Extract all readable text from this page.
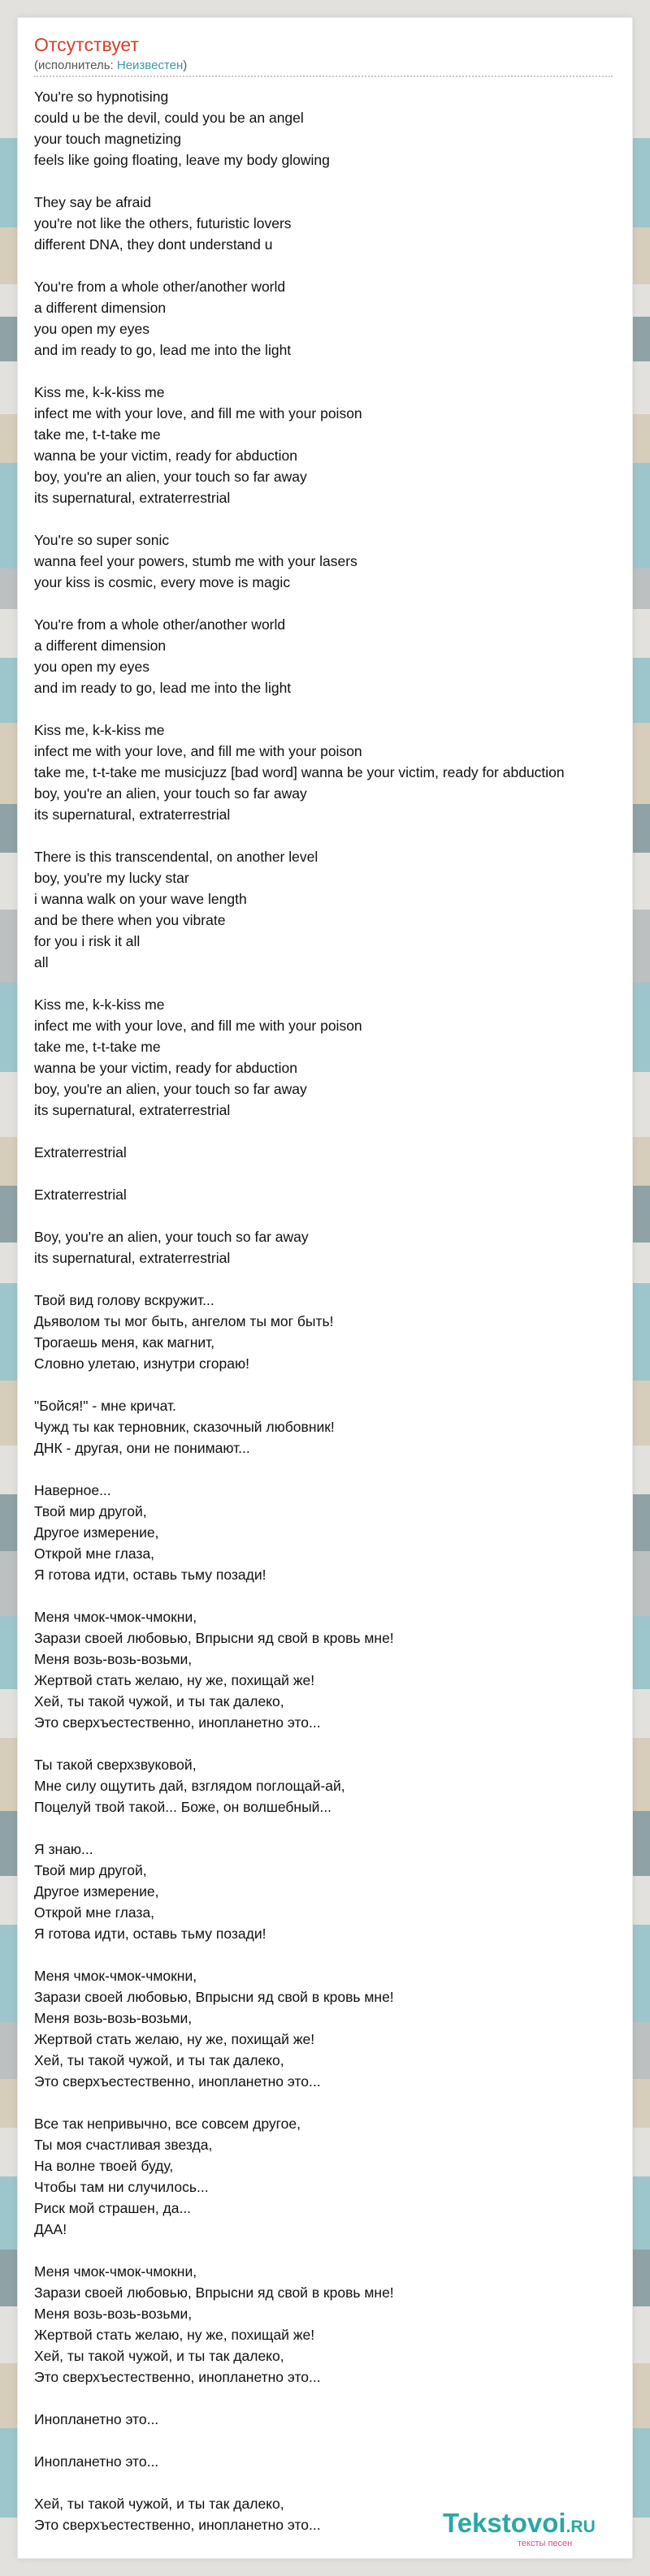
Отсутствует
(исполнитель: Неизвестен)
You're so hypnotising
could u be the devil, could you be an angel
your touch magnetizing
feels like going floating, leave my body glowing
They say be afraid
you're not like the others, futuristic lovers
different DNA, they dont understand u
You're from a whole other/another world
a different dimension
you open my eyes
and im ready to go, lead me into the light
Kiss me, k-k-kiss me
infect me with your love, and fill me with your poison
take me, t-t-take me
wanna be your victim, ready for abduction
boy, you're an alien, your touch so far away
its supernatural, extraterrestrial
You're so super sonic
wanna feel your powers, stumb me with your lasers
your kiss is cosmic, every move is magic
You're from a whole other/another world
a different dimension
you open my eyes
and im ready to go, lead me into the light
Kiss me, k-k-kiss me
infect me with your love, and fill me with your poison
take me, t-t-take me musicjuzz [bad word] wanna be your victim, ready for abduction
boy, you're an alien, your touch so far away
its supernatural, extraterrestrial
There is this transcendental, on another level
boy, you're my lucky star
i wanna walk on your wave length
and be there when you vibrate
for you i risk it all
all
Kiss me, k-k-kiss me
infect me with your love, and fill me with your poison
take me, t-t-take me
wanna be your victim, ready for abduction
boy, you're an alien, your touch so far away
its supernatural, extraterrestrial
Extraterrestrial
Extraterrestrial
Boy, you're an alien, your touch so far away
its supernatural, extraterrestrial
Твой вид голову вскружит...
Дьяволом ты мог быть, ангелом ты мог быть!
Трогаешь меня, как магнит,
Словно улетаю, изнутри сгораю!
"Бойся!" - мне кричат.
Чужд ты как терновник, сказочный любовник!
ДНК - другая, они не понимают...
Наверное...
Твой мир другой,
Другое измерение,
Открой мне глаза,
Я готова идти, оставь тьму позади!
Меня чмок-чмок-чмокни,
Зарази своей любовью, Впрысни яд свой в кровь мне!
Меня возь-возь-возьми,
Жертвой стать желаю, ну же, похищай же!
Хей, ты такой чужой, и ты так далеко,
Это сверхъестественно, инопланетно это...
Ты такой сверхзвуковой,
Мне силу ощутить дай, взглядом поглощай-ай,
Поцелуй твой такой... Боже, он волшебный...
Я знаю...
Твой мир другой,
Другое измерение,
Открой мне глаза,
Я готова идти, оставь тьму позади!
Меня чмок-чмок-чмокни,
Зарази своей любовью, Впрысни яд свой в кровь мне!
Меня возь-возь-возьми,
Жертвой стать желаю, ну же, похищай же!
Хей, ты такой чужой, и ты так далеко,
Это сверхъестественно, инопланетно это...
Все так непривычно, все совсем другое,
Ты моя счастливая звезда,
На волне твоей буду,
Чтобы там ни случилось...
Риск мой страшен, да...
ДАА!
Меня чмок-чмок-чмокни,
Зарази своей любовью, Впрысни яд свой в кровь мне!
Меня возь-возь-возьми,
Жертвой стать желаю, ну же, похищай же!
Хей, ты такой чужой, и ты так далеко,
Это сверхъестественно, инопланетно это...
Инопланетно это...
Инопланетно это...
Хей, ты такой чужой, и ты так далеко,
Это сверхъестественно, инопланетно это...	Tekstovoi.RU
тексты песен
